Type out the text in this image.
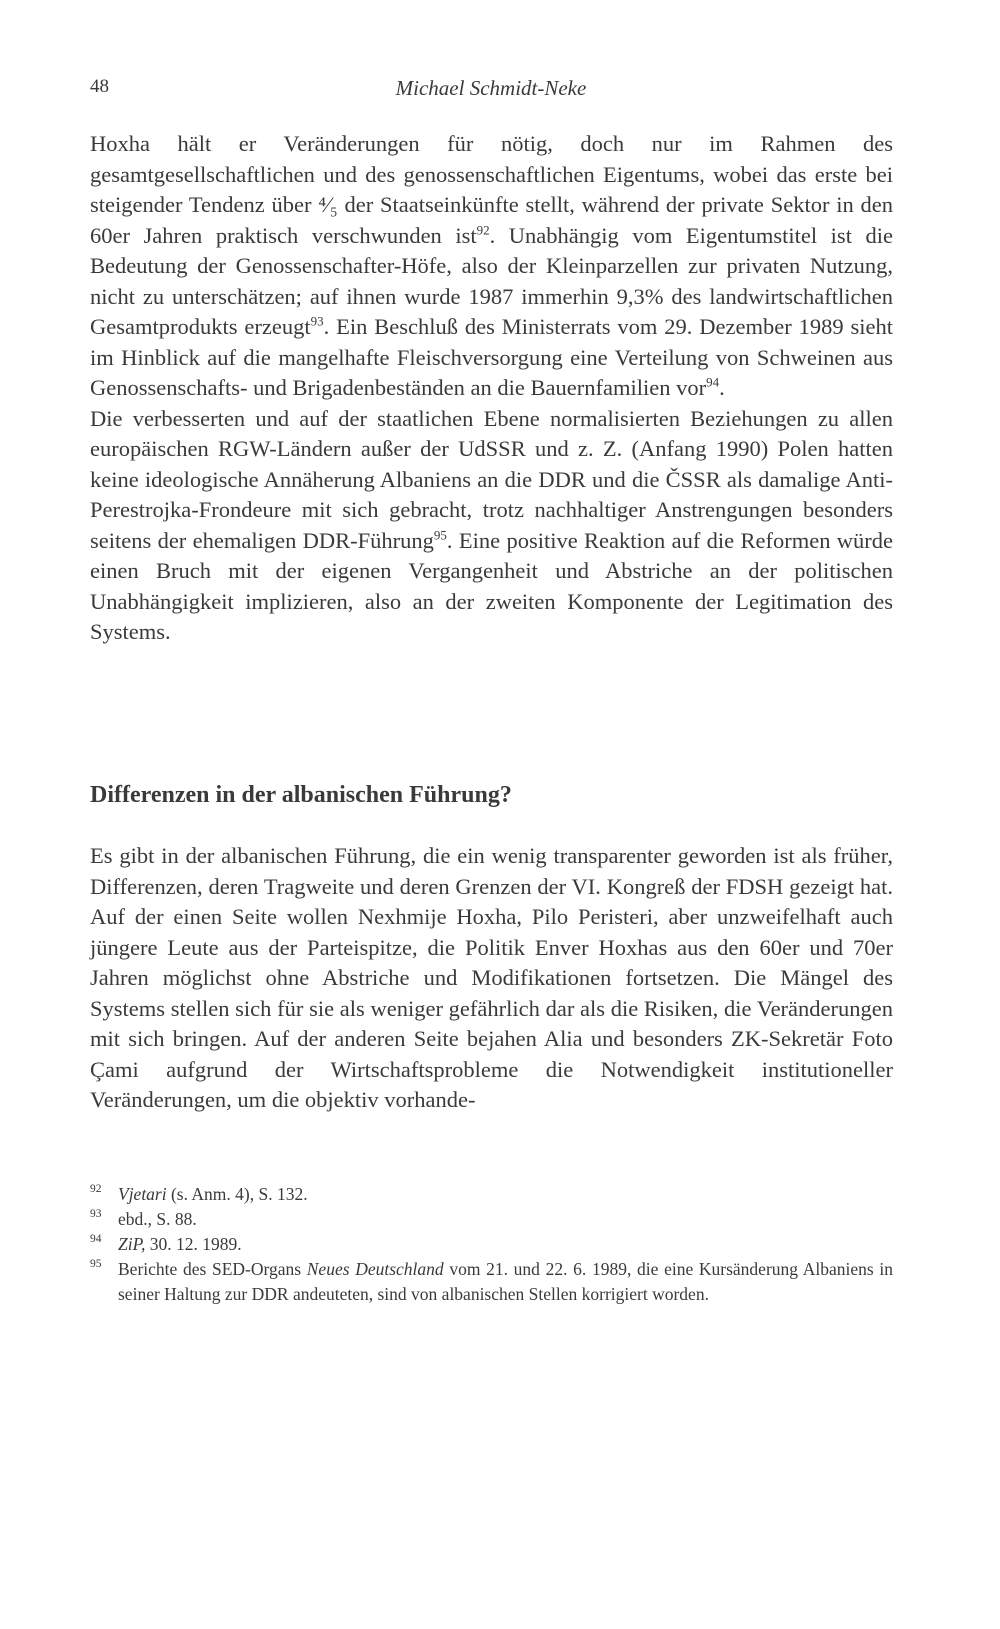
48	Michael Schmidt-Neke

Hoxha hält er Veränderungen für nötig, doch nur im Rahmen des gesamtgesellschaftlichen und des genossenschaftlichen Eigentums, wobei das erste bei steigender Tendenz über ⁴⁄₅ der Staatseinkünfte stellt, während der private Sektor in den 60er Jahren praktisch verschwunden ist$^{92}$. Unabhängig vom Eigentumstitel ist die Bedeutung der Genossenschafter-Höfe, also der Kleinparzellen zur privaten Nutzung, nicht zu unterschätzen; auf ihnen wurde 1987 immerhin 9,3% des landwirtschaftlichen Gesamtprodukts erzeugt$^{93}$. Ein Beschluß des Ministerrats vom 29. Dezember 1989 sieht im Hinblick auf die mangelhafte Fleischversorgung eine Verteilung von Schweinen aus Genossenschafts- und Brigadenbeständen an die Bauernfamilien vor$^{94}$.

Die verbesserten und auf der staatlichen Ebene normalisierten Beziehungen zu allen europäischen RGW-Ländern außer der UdSSR und z. Z. (Anfang 1990) Polen hatten keine ideologische Annäherung Albaniens an die DDR und die ČSSR als damalige Anti-Perestrojka-Frondeure mit sich gebracht, trotz nachhaltiger Anstrengungen besonders seitens der ehemaligen DDR-Führung$^{95}$. Eine positive Reaktion auf die Reformen würde einen Bruch mit der eigenen Vergangenheit und Abstriche an der politischen Unabhängigkeit implizieren, also an der zweiten Komponente der Legitimation des Systems.

Differenzen in der albanischen Führung?

Es gibt in der albanischen Führung, die ein wenig transparenter geworden ist als früher, Differenzen, deren Tragweite und deren Grenzen der VI. Kongreß der FDSH gezeigt hat. Auf der einen Seite wollen Nexhmije Hoxha, Pilo Peristeri, aber unzweifelhaft auch jüngere Leute aus der Parteispitze, die Politik Enver Hoxhas aus den 60er und 70er Jahren möglichst ohne Abstriche und Modifikationen fortsetzen. Die Mängel des Systems stellen sich für sie als weniger gefährlich dar als die Risiken, die Veränderungen mit sich bringen. Auf der anderen Seite bejahen Alia und besonders ZK-Sekretär Foto Çami aufgrund der Wirtschaftsprobleme die Notwendigkeit institutioneller Veränderungen, um die objektiv vorhande-

92 Vjetari (s. Anm. 4), S. 132.
93 ebd., S. 88.
94 ZiP, 30. 12. 1989.
95 Berichte des SED-Organs Neues Deutschland vom 21. und 22. 6. 1989, die eine Kursänderung Albaniens in seiner Haltung zur DDR andeuteten, sind von albanischen Stellen korrigiert worden.
